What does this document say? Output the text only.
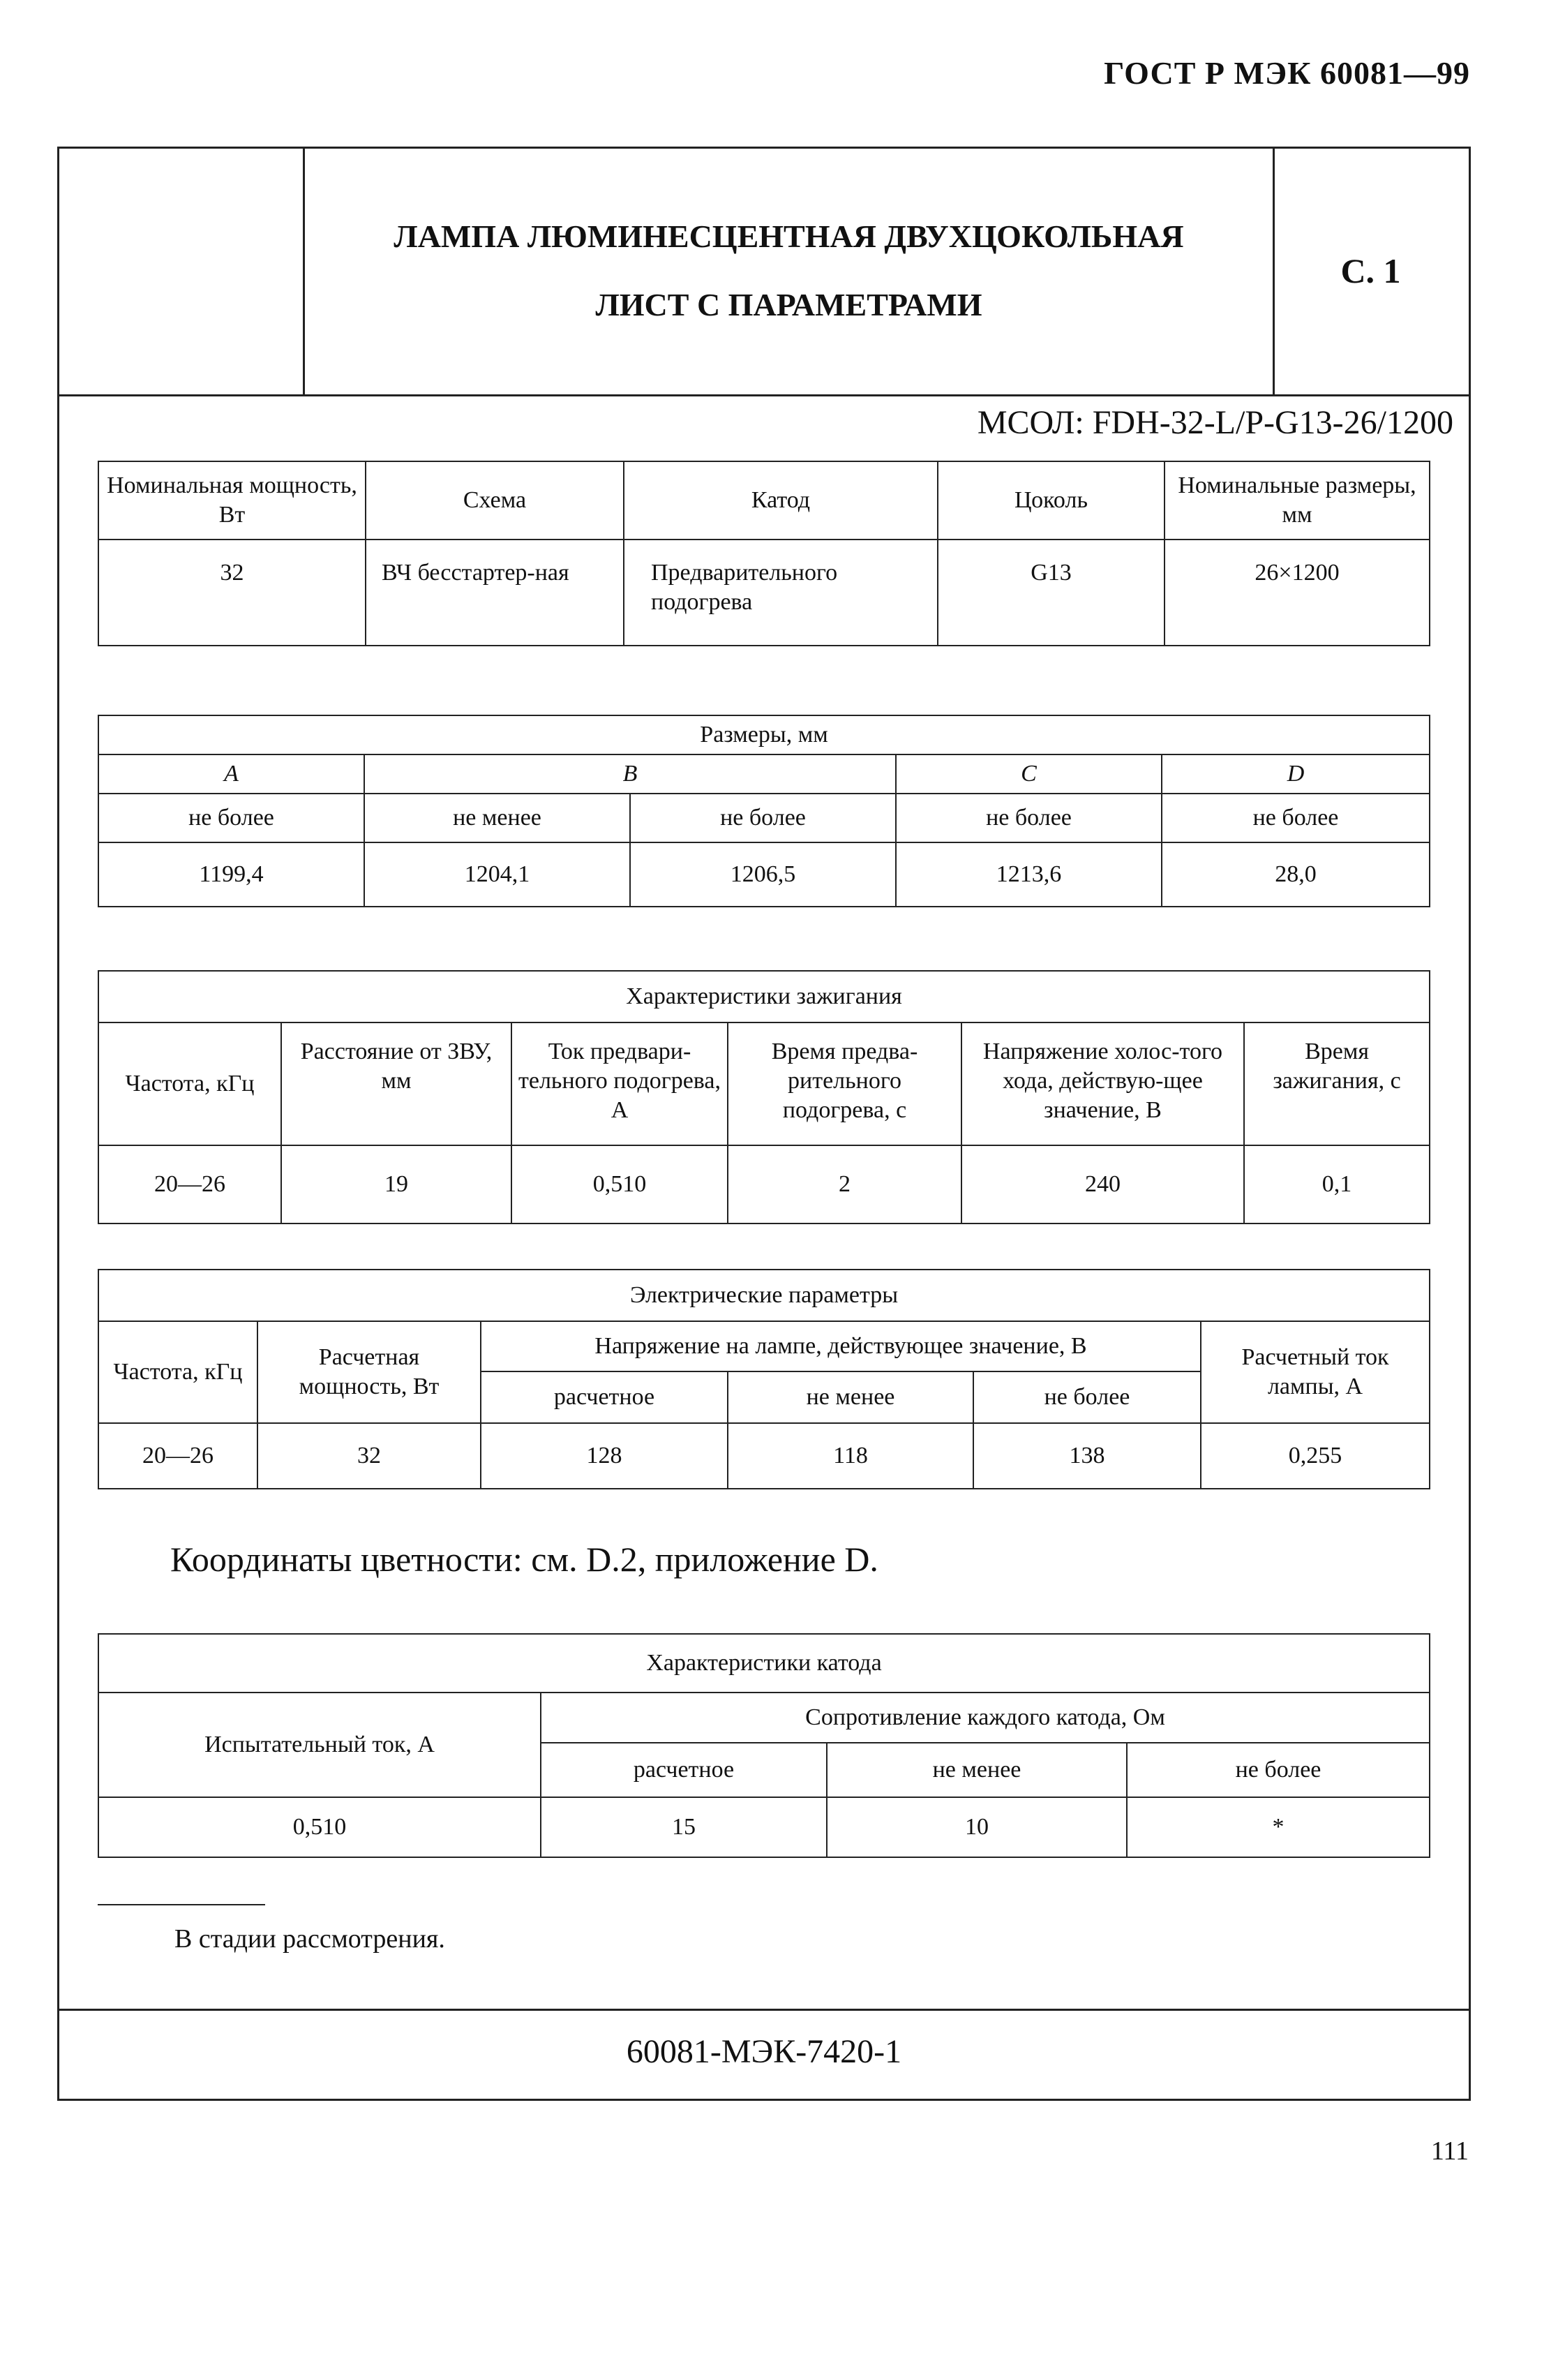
ГОСТ Р МЭК 60081—99
ЛАМПА ЛЮМИНЕСЦЕНТНАЯ ДВУХЦОКОЛЬНАЯ
ЛИСТ С ПАРАМЕТРАМИ
С. 1
МСОЛ: FDH-32-L/P-G13-26/1200
Номинальная мощность, Вт	Схема	Катод	Цоколь	Номинальные размеры, мм
32	ВЧ бесстартер-ная	Предварительного подогрева	G13	26×1200
Размеры, мм				
A	B		C	D
не более	не менее	не более	не более	не более
1199,4	1204,1	1206,5	1213,6	28,0
Характеристики зажигания					
Частота, кГц	Расстояние от ЗВУ, мм	Ток предвари-тельного подогрева, А	Время предва-рительного подогрева, с	Напряжение холос-того хода, действую-щее значение, В	Время зажигания, с
20—26	19	0,510	2	240	0,1
Электрические параметры					
Частота, кГц	Расчетная мощность, Вт	Напряжение на лампе, действующее значение, В			Расчетный ток лампы, А
		расчетное	не менее	не более	
20—26	32	128	118	138	0,255
Координаты цветности: см. D.2, приложение D.
Характеристики катода			
Испытательный ток, А	Сопротивление каждого катода, Ом		
	расчетное	не менее	не более
0,510	15	10	*
В стадии рассмотрения.
60081-МЭК-7420-1
111
